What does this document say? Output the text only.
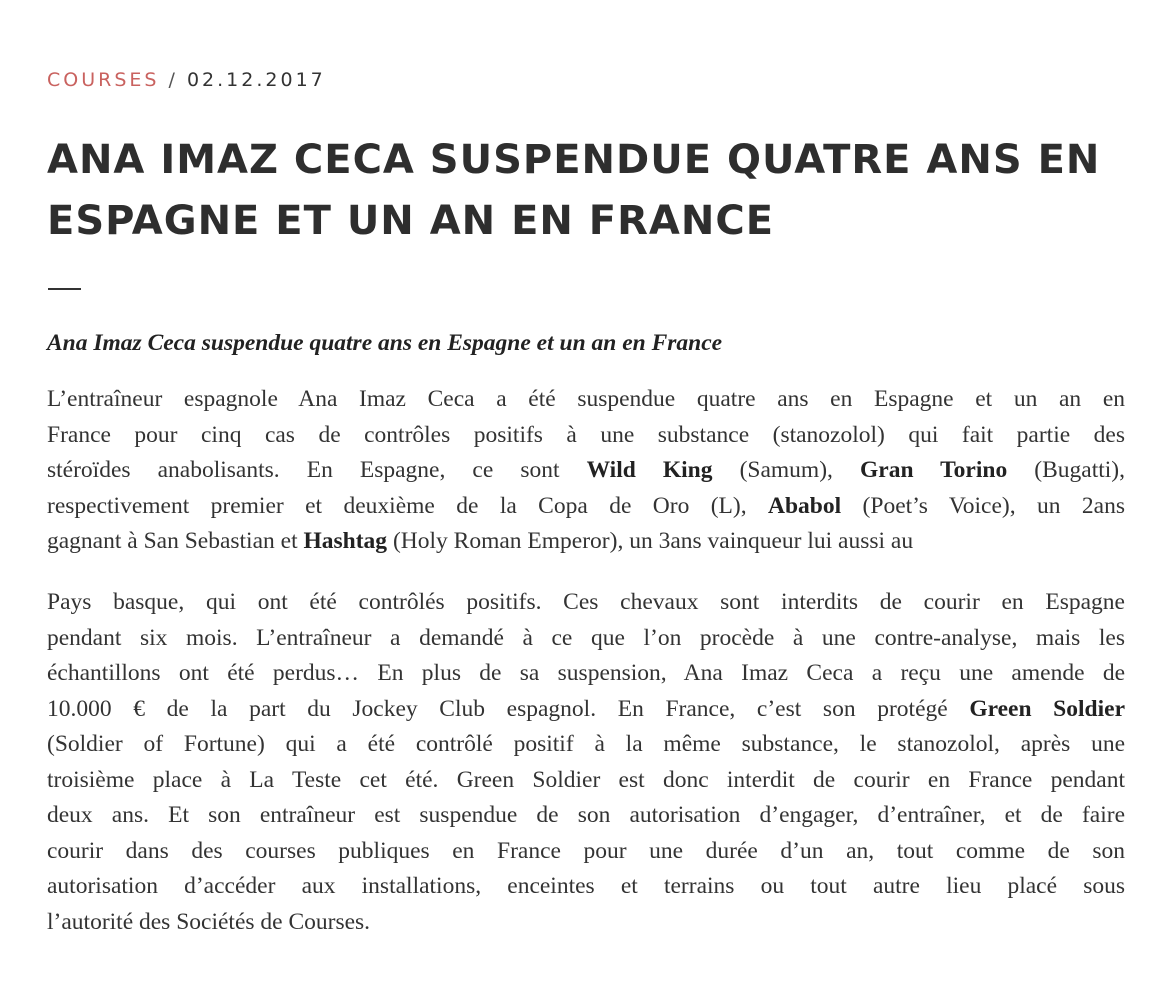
COURSES / 02.12.2017
ANA IMAZ CECA SUSPENDUE QUATRE ANS EN
ESPAGNE ET UN AN EN FRANCE

Ana Imaz Ceca suspendue quatre ans en Espagne et un an en France

L’entraîneur espagnole Ana Imaz Ceca a été suspendue quatre ans en Espagne et un an en
France pour cinq cas de contrôles positifs à une substance (stanozolol) qui fait partie des
stéroïdes anabolisants. En Espagne, ce sont Wild King (Samum), Gran Torino (Bugatti),
respectivement premier et deuxième de la Copa de Oro (L), Ababol (Poet’s Voice), un 2ans
gagnant à San Sebastian et Hashtag (Holy Roman Emperor), un 3ans vainqueur lui aussi au

Pays basque, qui ont été contrôlés positifs. Ces chevaux sont interdits de courir en Espagne
pendant six mois. L’entraîneur a demandé à ce que l’on procède à une contre-analyse, mais les
échantillons ont été perdus… En plus de sa suspension, Ana Imaz Ceca a reçu une amende de
10.000 € de la part du Jockey Club espagnol. En France, c’est son protégé Green Soldier
(Soldier of Fortune) qui a été contrôlé positif à la même substance, le stanozolol, après une
troisième place à La Teste cet été. Green Soldier est donc interdit de courir en France pendant
deux ans. Et son entraîneur est suspendue de son autorisation d’engager, d’entraîner, et de faire
courir dans des courses publiques en France pour une durée d’un an, tout comme de son
autorisation d’accéder aux installations, enceintes et terrains ou tout autre lieu placé sous
l’autorité des Sociétés de Courses.
